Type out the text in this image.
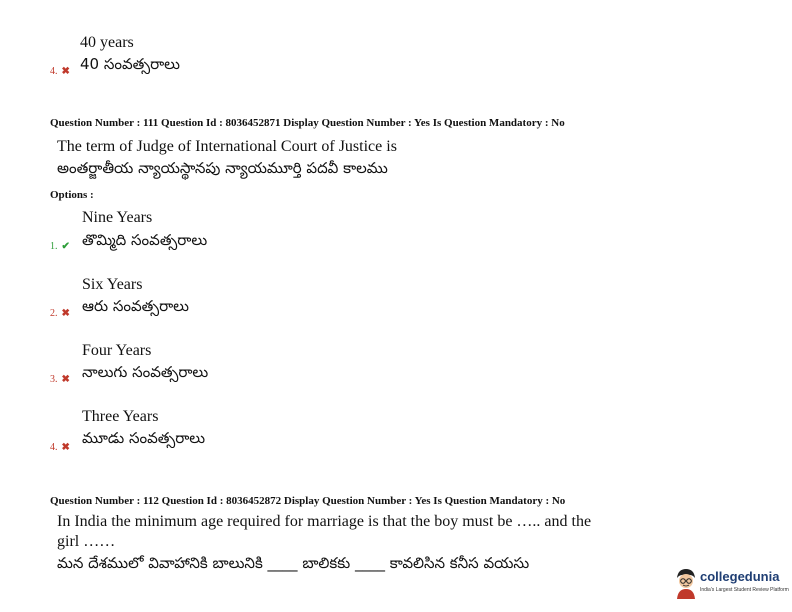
40 years
40 సంవత్సరాలు
4. ✖
Question Number : 111 Question Id : 8036452871 Display Question Number : Yes Is Question Mandatory : No
The term of Judge of International Court of Justice is
అంతర్జాతీయ న్యాయస్థానపు న్యాయమూర్తి పదవీ కాలము
Options :
Nine Years
తొమ్మిది సంవత్సరాలు
1. ✔
Six Years
ఆరు సంవత్సరాలు
2. ✖
Four Years
నాలుగు సంవత్సరాలు
3. ✖
Three Years
మూడు సంవత్సరాలు
4. ✖
Question Number : 112 Question Id : 8036452872 Display Question Number : Yes Is Question Mandatory : No
In India the minimum age required for marriage is that the boy must be ….. and the
girl ……
మన దేశములో వివాహానికి బాలునికి ____ బాలికకు ____ కావలిసిన కనీస వయసు
collegedunia
India's Largest Student Review Platform
